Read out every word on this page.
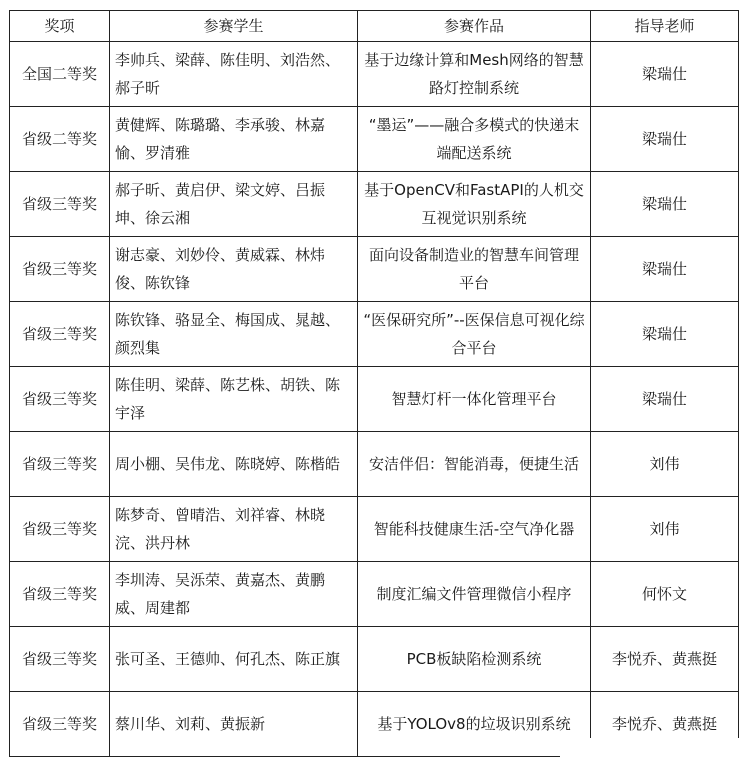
奖项	参赛学生	参赛作品	指导老师
全国二等奖	李帅兵、梁薛、陈佳明、刘浩然、郝子昕	基于边缘计算和Mesh网络的智慧路灯控制系统	梁瑞仕
省级二等奖	黄健辉、陈璐璐、李承骏、林嘉愉、罗清雅	“墨运”——融合多模式的快递末端配送系统	梁瑞仕
省级三等奖	郝子昕、黄启伊、梁文婷、吕振坤、徐云湘	基于OpenCV和FastAPI的人机交互视觉识别系统	梁瑞仕
省级三等奖	谢志豪、刘妙伶、黄威霖、林炜俊、陈钦锋	面向设备制造业的智慧车间管理平台	梁瑞仕
省级三等奖	陈钦锋、骆显全、梅国成、晁越、颜烈集	“医保研究所”--医保信息可视化综合平台	梁瑞仕
省级三等奖	陈佳明、梁薛、陈艺株、胡铁、陈宇泽	智慧灯杆一体化管理平台	梁瑞仕
省级三等奖	周小棚、吴伟龙、陈晓婷、陈楷皓	安洁伴侣：智能消毒，便捷生活	刘伟
省级三等奖	陈梦奇、曾晴浩、刘祥睿、林晓浣、洪丹林	智能科技健康生活-空气净化器	刘伟
省级三等奖	李圳涛、吴泺荣、黄嘉杰、黄鹏威、周建都	制度汇编文件管理微信小程序	何怀文
省级三等奖	张可圣、王德帅、何孔杰、陈正旗	PCB板缺陷检测系统	李悦乔、黄燕挺
省级三等奖	蔡川华、刘莉、黄振新	基于YOLOv8的垃圾识别系统	李悦乔、黄燕挺
